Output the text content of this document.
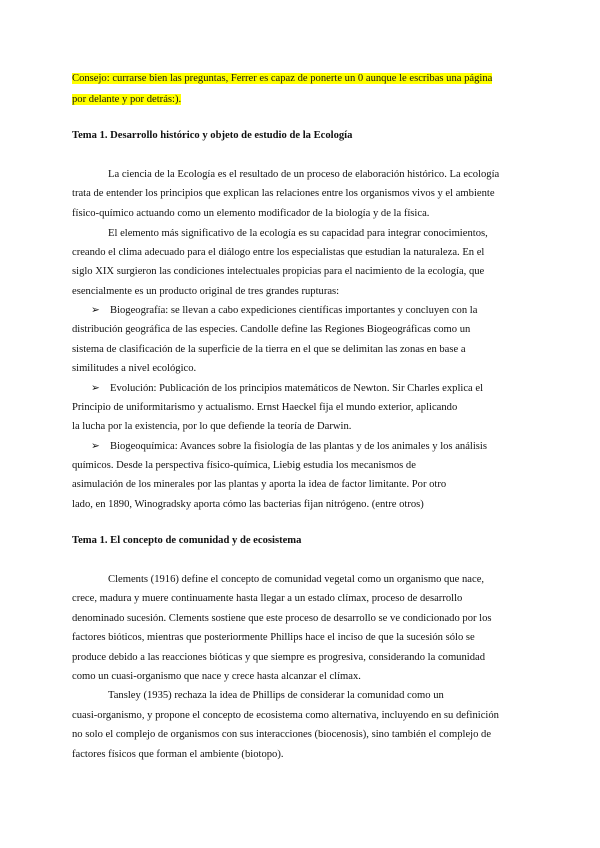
Consejo: currarse bien las preguntas, Ferrer es capaz de ponerte un 0 aunque le escribas una página
por delante y por detrás:).
Tema 1. Desarrollo histórico y objeto de estudio de la Ecología
La ciencia de la Ecología es el resultado de un proceso de elaboración histórico. La ecología
trata de entender los principios que explican las relaciones entre los organismos vivos y el ambiente
físico-químico actuando como un elemento modificador de la biología y de la física.
El elemento más significativo de la ecología es su capacidad para integrar conocimientos,
creando el clima adecuado para el diálogo entre los especialistas que estudian la naturaleza. En el
siglo XIX surgieron las condiciones intelectuales propicias para el nacimiento de la ecología, que
esencialmente es un producto original de tres grandes rupturas:
➢ Biogeografía: se llevan a cabo expediciones científicas importantes y concluyen con la
distribución geográfica de las especies. Candolle define las Regiones Biogeográficas como un
sistema de clasificación de la superficie de la tierra en el que se delimitan las zonas en base a
similitudes a nivel ecológico.
➢ Evolución: Publicación de los principios matemáticos de Newton. Sir Charles explica el
Principio de uniformitarismo y actualismo. Ernst Haeckel fija el mundo exterior, aplicando
la lucha por la existencia, por lo que defiende la teoría de Darwin.
➢ Biogeoquímica: Avances sobre la fisiología de las plantas y de los animales y los análisis
químicos. Desde la perspectiva físico-química, Liebig estudia los mecanismos de
asimulación de los minerales por las plantas y aporta la idea de factor limitante. Por otro
lado, en 1890, Winogradsky aporta cómo las bacterias fijan nitrógeno. (entre otros)
Tema 1. El concepto de comunidad y de ecosistema
Clements (1916) define el concepto de comunidad vegetal como un organismo que nace,
crece, madura y muere continuamente hasta llegar a un estado clímax, proceso de desarrollo
denominado sucesión. Clements sostiene que este proceso de desarrollo se ve condicionado por los
factores bióticos, mientras que posteriormente Phillips hace el inciso de que la sucesión sólo se
produce debido a las reacciones bióticas y que siempre es progresiva, considerando la comunidad
como un cuasi-organismo que nace y crece hasta alcanzar el clímax.
Tansley (1935) rechaza la idea de Phillips de considerar la comunidad como un
cuasi-organismo, y propone el concepto de ecosistema como alternativa, incluyendo en su definición
no solo el complejo de organismos con sus interacciones (biocenosis), sino también el complejo de
factores físicos que forman el ambiente (biotopo).
